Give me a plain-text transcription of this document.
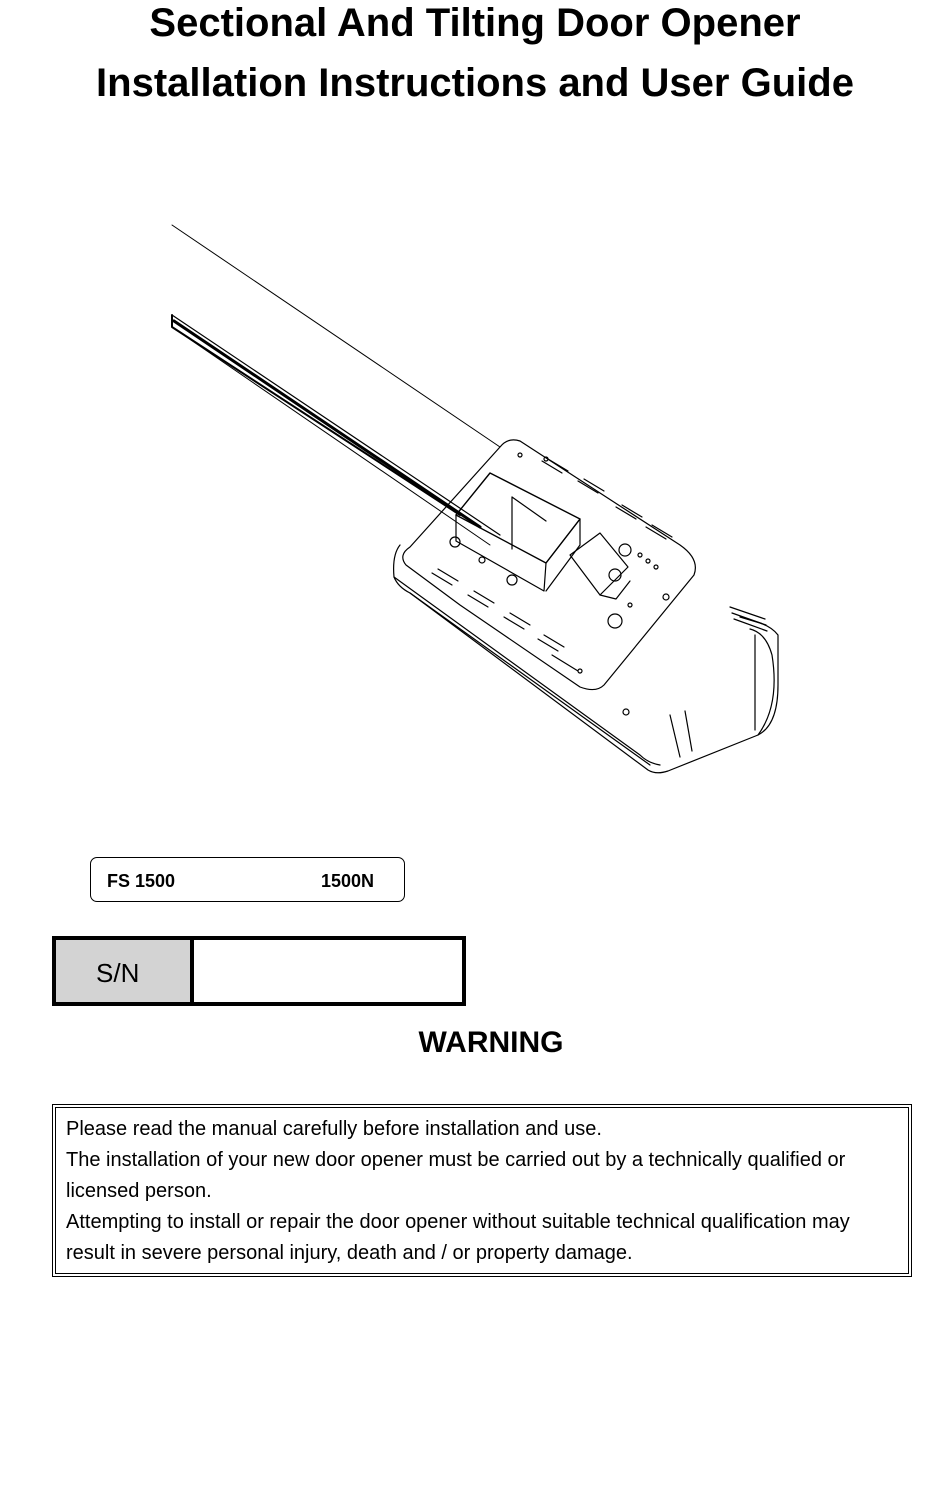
Sectional And Tilting Door Opener
Installation Instructions and User Guide
FS 1500	1500N
S/N
WARNING

Please read the manual carefully before installation and use.

The installation of your new door opener must be carried out by a technically qualified or licensed person.

Attempting to install or repair the door opener without suitable technical qualification may result in severe personal injury, death and / or property damage.
